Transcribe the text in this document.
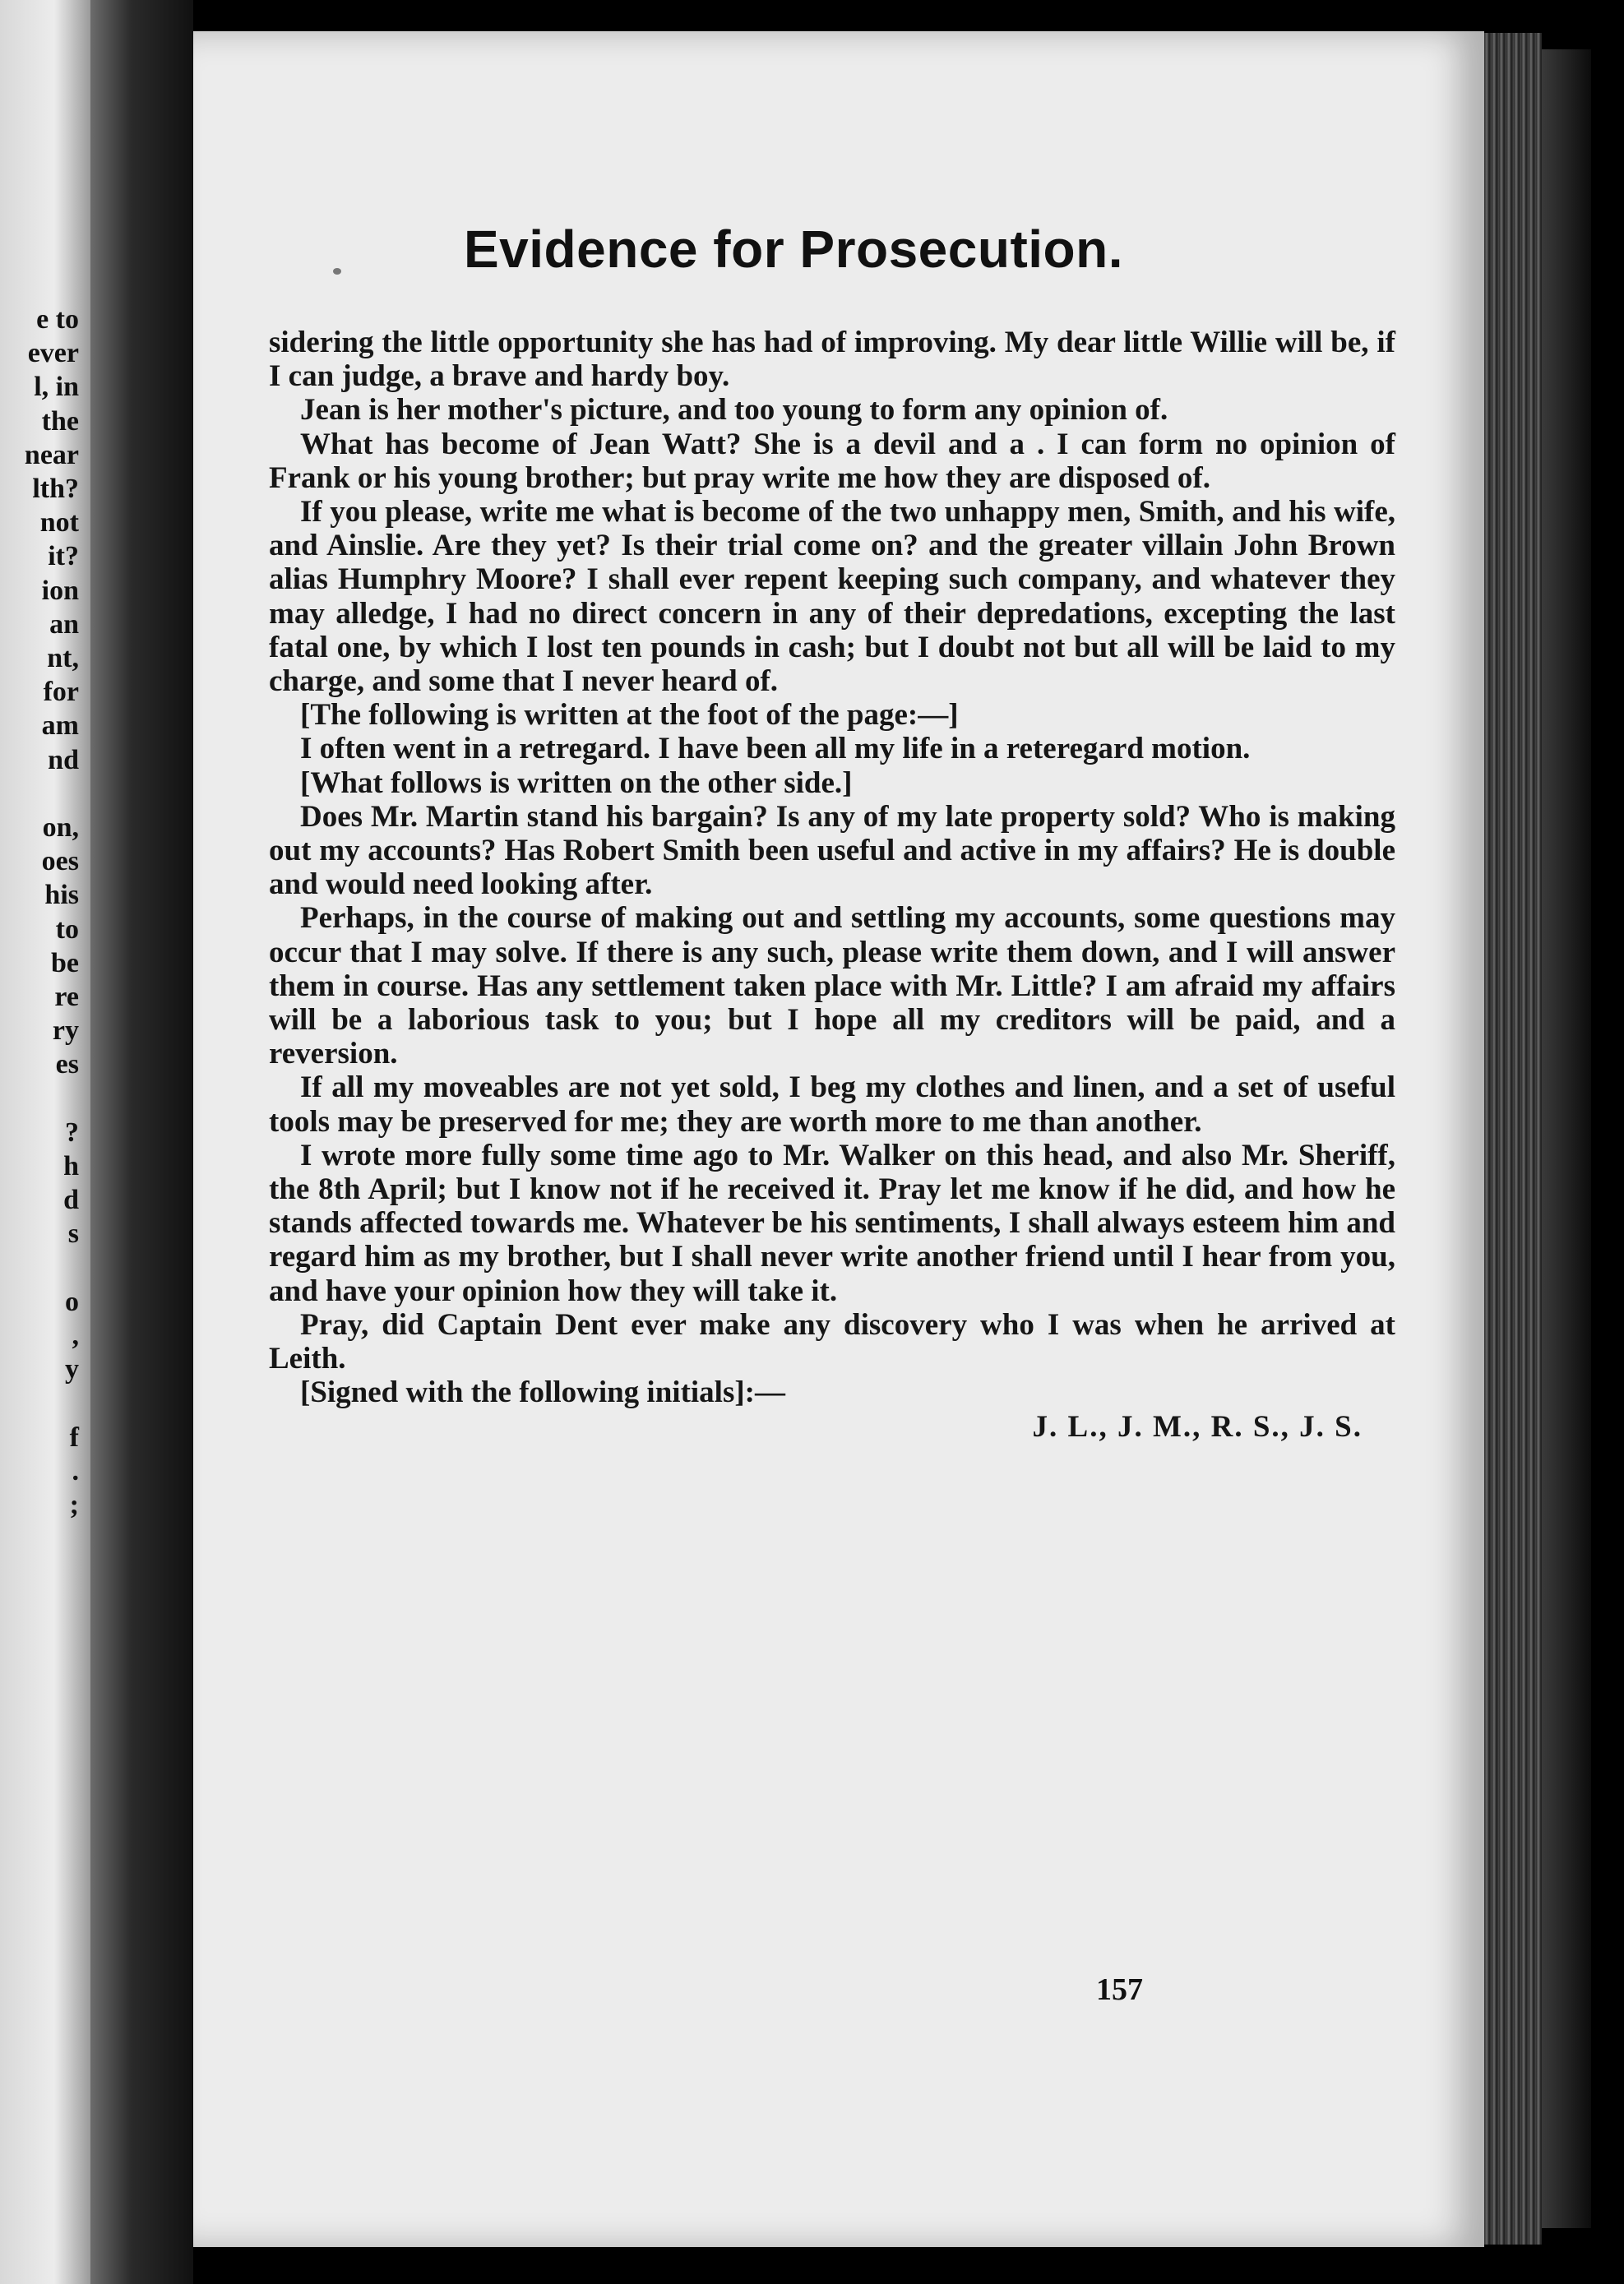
e to
ever
l, in
the
near
lth?
not
it?
ion
an
nt,
for
am
nd
on,
oes
his
to
be
re
ry
es
?
h
d
s
o
,
y
f
.
;
Evidence for Prosecution.

sidering the little opportunity she has had of improving. My dear little Willie will be, if I can judge, a brave and hardy boy.

Jean is her mother's picture, and too young to form any opinion of.

What has become of Jean Watt? She is a devil and a . I can form no opinion of Frank or his young brother; but pray write me how they are disposed of.

If you please, write me what is become of the two unhappy men, Smith, and his wife, and Ainslie. Are they yet? Is their trial come on? and the greater villain John Brown alias Humphry Moore? I shall ever repent keeping such company, and whatever they may alledge, I had no direct concern in any of their depredations, excepting the last fatal one, by which I lost ten pounds in cash; but I doubt not but all will be laid to my charge, and some that I never heard of.

[The following is written at the foot of the page:—]

I often went in a retregard. I have been all my life in a reteregard motion.

[What follows is written on the other side.]

Does Mr. Martin stand his bargain? Is any of my late property sold? Who is making out my accounts? Has Robert Smith been useful and active in my affairs? He is double and would need looking after.

Perhaps, in the course of making out and settling my accounts, some questions may occur that I may solve. If there is any such, please write them down, and I will answer them in course. Has any settlement taken place with Mr. Little? I am afraid my affairs will be a laborious task to you; but I hope all my creditors will be paid, and a reversion.

If all my moveables are not yet sold, I beg my clothes and linen, and a set of useful tools may be preserved for me; they are worth more to me than another.

I wrote more fully some time ago to Mr. Walker on this head, and also Mr. Sheriff, the 8th April; but I know not if he received it. Pray let me know if he did, and how he stands affected towards me. Whatever be his sentiments, I shall always esteem him and regard him as my brother, but I shall never write another friend until I hear from you, and have your opinion how they will take it.

Pray, did Captain Dent ever make any discovery who I was when he arrived at Leith.

[Signed with the following initials]:—

J. L., J. M., R. S., J. S.

157
